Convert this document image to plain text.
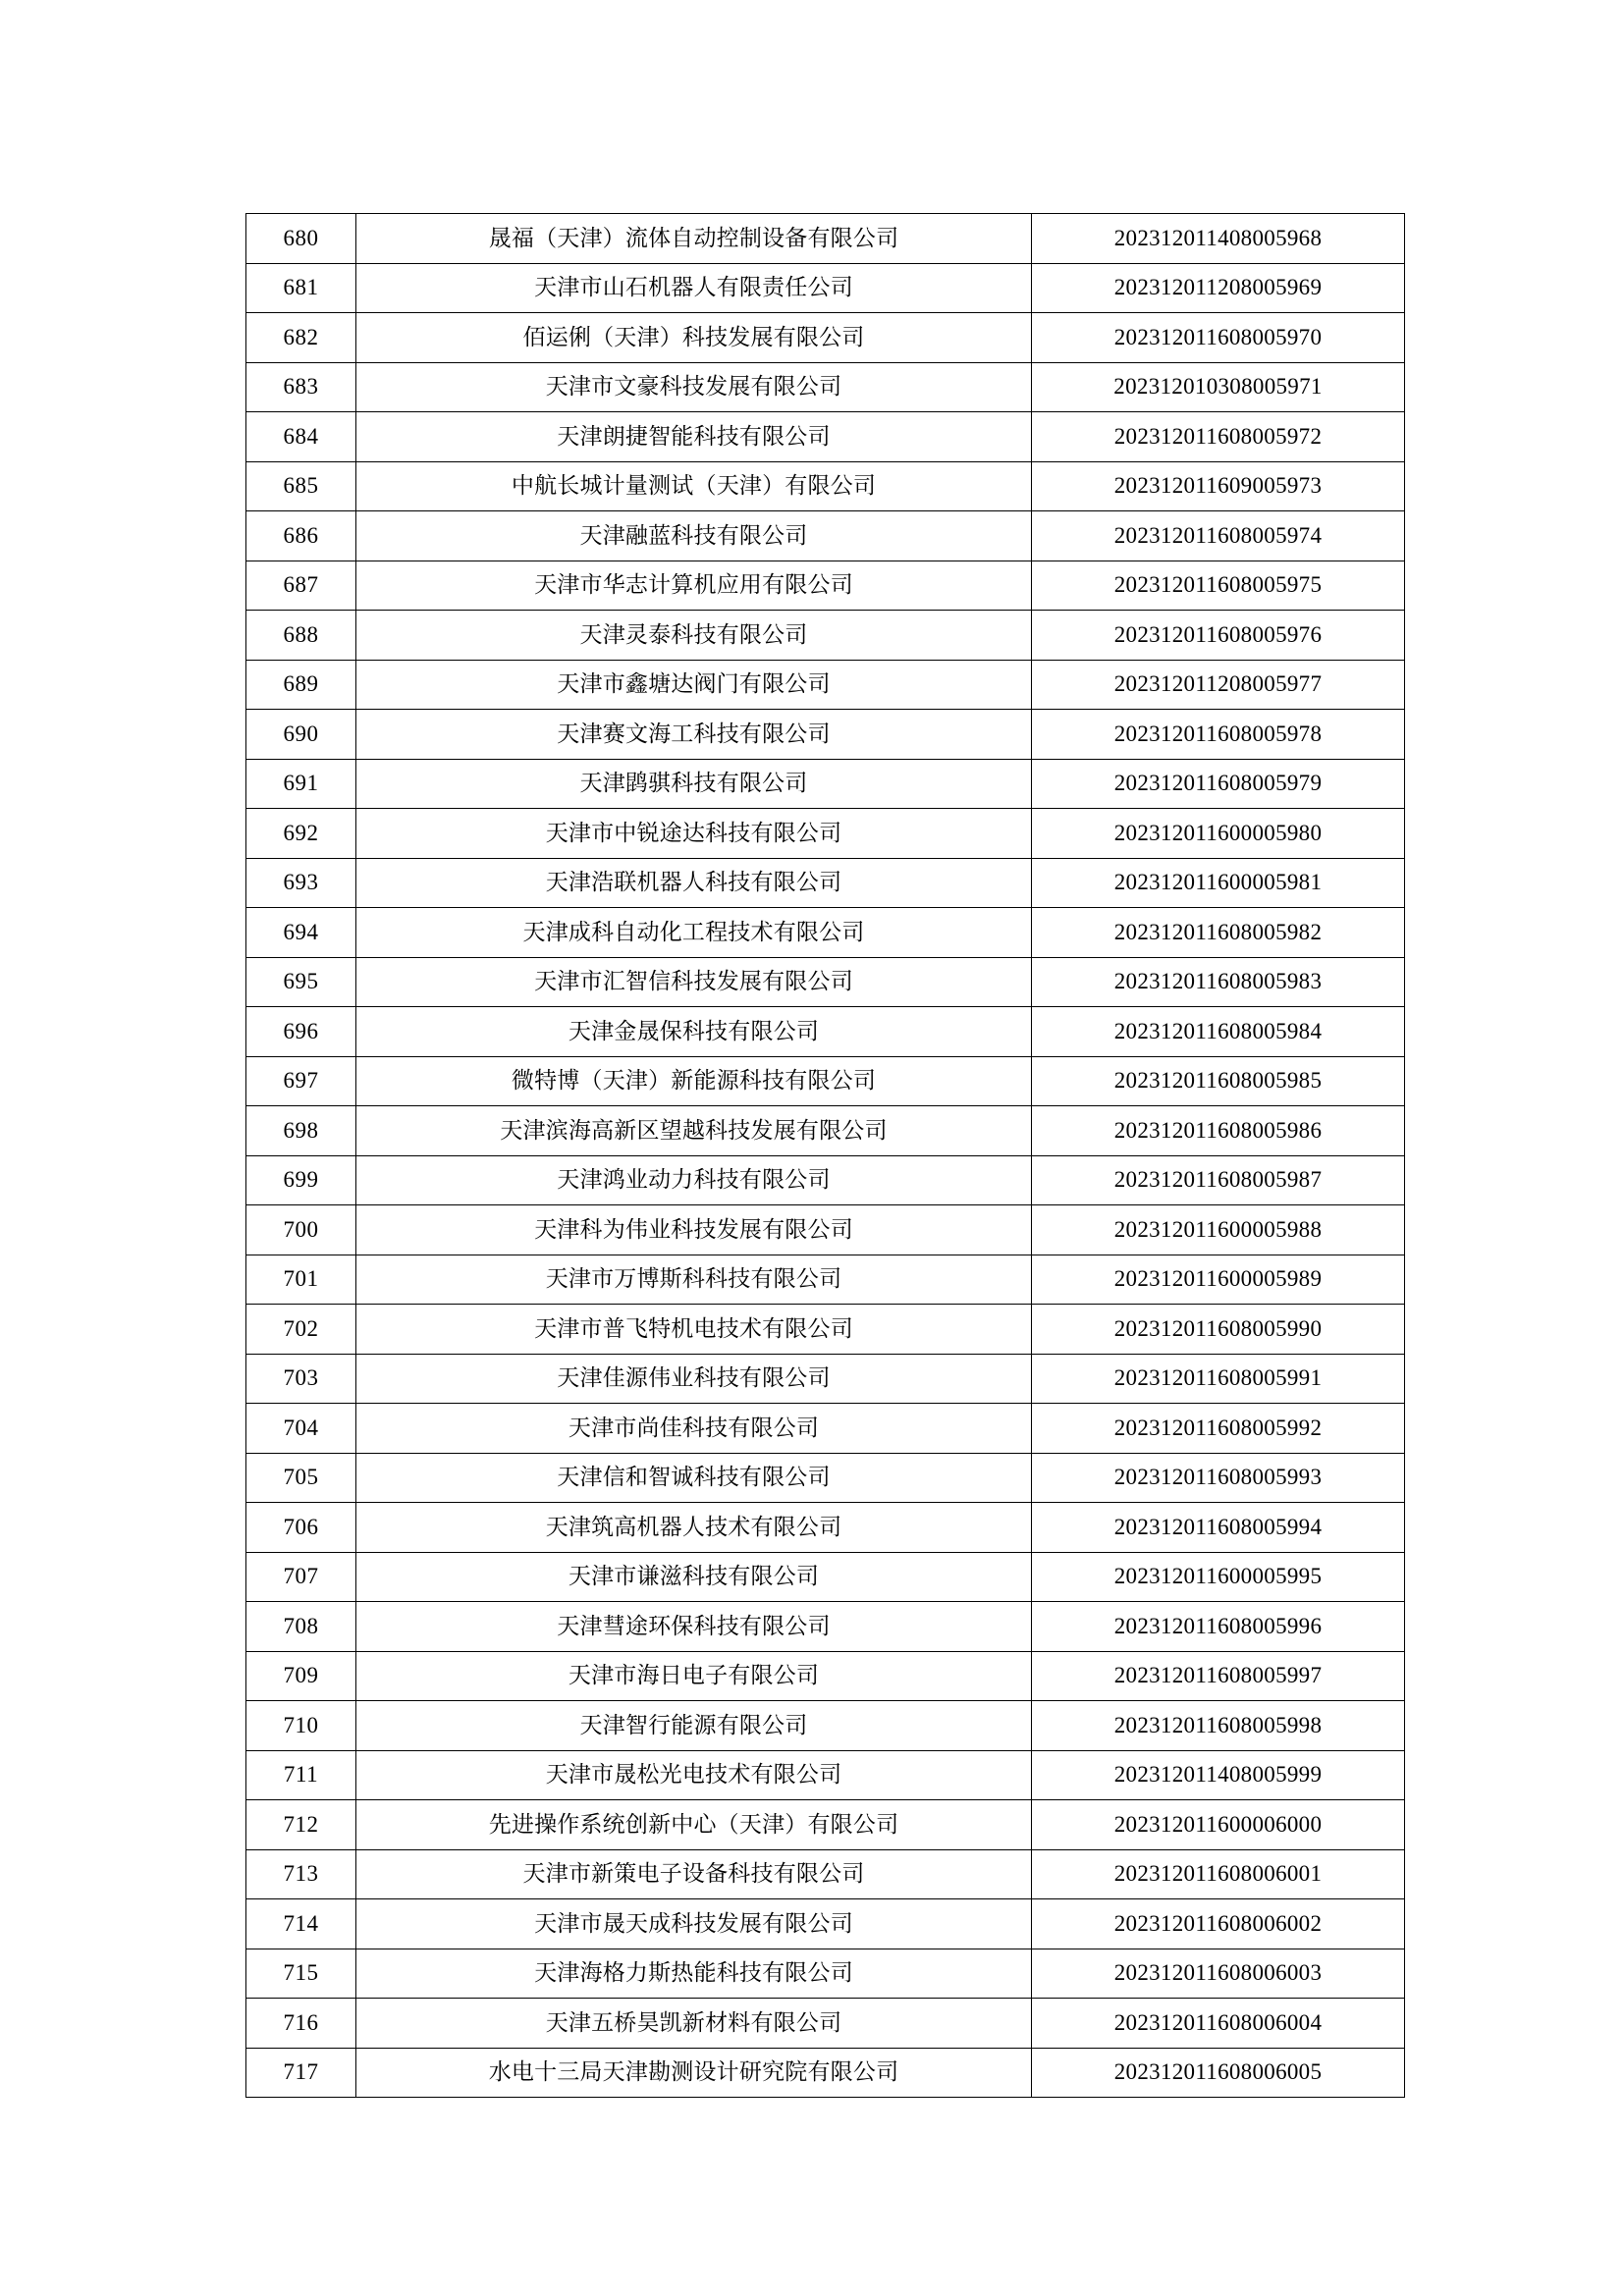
680	晟福（天津）流体自动控制设备有限公司	202312011408005968
681	天津市山石机器人有限责任公司	202312011208005969
682	佰运俐（天津）科技发展有限公司	202312011608005970
683	天津市文豪科技发展有限公司	202312010308005971
684	天津朗捷智能科技有限公司	202312011608005972
685	中航长城计量测试（天津）有限公司	202312011609005973
686	天津融蓝科技有限公司	202312011608005974
687	天津市华志计算机应用有限公司	202312011608005975
688	天津灵泰科技有限公司	202312011608005976
689	天津市鑫塘达阀门有限公司	202312011208005977
690	天津赛文海工科技有限公司	202312011608005978
691	天津鹍骐科技有限公司	202312011608005979
692	天津市中锐途达科技有限公司	202312011600005980
693	天津浩联机器人科技有限公司	202312011600005981
694	天津成科自动化工程技术有限公司	202312011608005982
695	天津市汇智信科技发展有限公司	202312011608005983
696	天津金晟保科技有限公司	202312011608005984
697	微特博（天津）新能源科技有限公司	202312011608005985
698	天津滨海高新区望越科技发展有限公司	202312011608005986
699	天津鸿业动力科技有限公司	202312011608005987
700	天津科为伟业科技发展有限公司	202312011600005988
701	天津市万博斯科科技有限公司	202312011600005989
702	天津市普飞特机电技术有限公司	202312011608005990
703	天津佳源伟业科技有限公司	202312011608005991
704	天津市尚佳科技有限公司	202312011608005992
705	天津信和智诚科技有限公司	202312011608005993
706	天津筑高机器人技术有限公司	202312011608005994
707	天津市谦滋科技有限公司	202312011600005995
708	天津彗途环保科技有限公司	202312011608005996
709	天津市海日电子有限公司	202312011608005997
710	天津智行能源有限公司	202312011608005998
711	天津市晟松光电技术有限公司	202312011408005999
712	先进操作系统创新中心（天津）有限公司	202312011600006000
713	天津市新策电子设备科技有限公司	202312011608006001
714	天津市晟天成科技发展有限公司	202312011608006002
715	天津海格力斯热能科技有限公司	202312011608006003
716	天津五桥昊凯新材料有限公司	202312011608006004
717	水电十三局天津勘测设计研究院有限公司	202312011608006005
